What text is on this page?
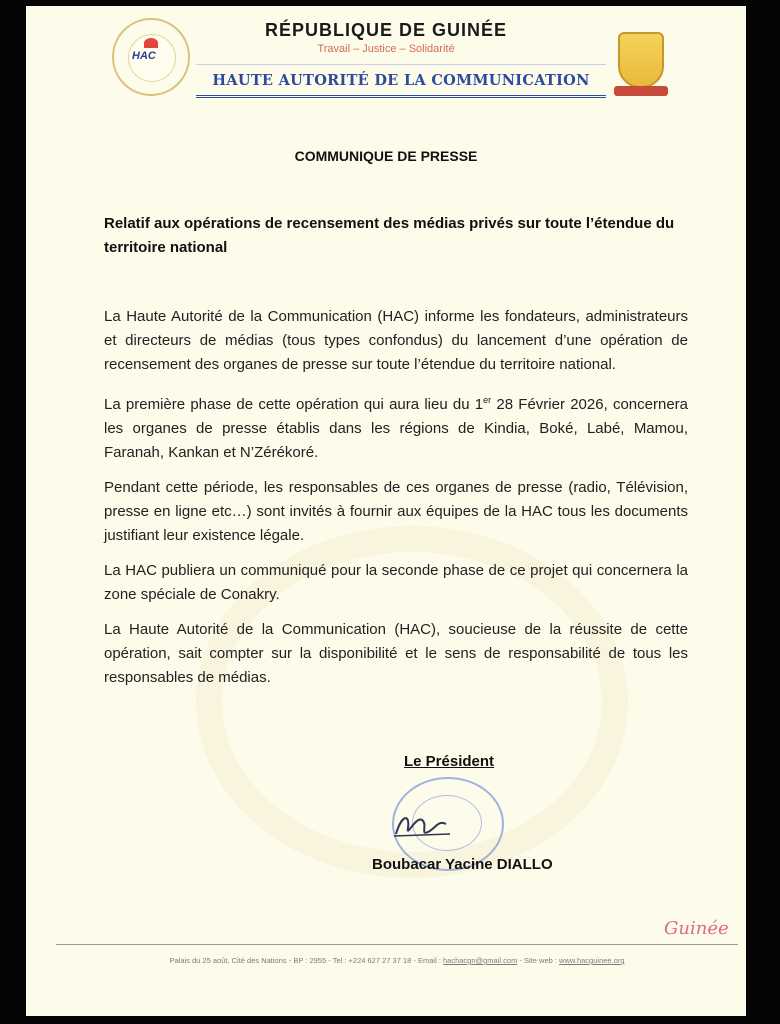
HAC
RÉPUBLIQUE DE GUINÉE
Travail – Justice – Solidarité
HAUTE AUTORITÉ DE LA COMMUNICATION
COMMUNIQUE DE PRESSE
Relatif aux opérations de recensement des médias privés sur toute l’étendue du territoire national

La Haute Autorité de la Communication (HAC) informe les fondateurs, administrateurs et directeurs de médias (tous types confondus) du lancement d’une opération de recensement des organes de presse sur toute l’étendue du territoire national.

La première phase de cette opération qui aura lieu du 1er 28 Février 2026, concernera les organes de presse établis dans les régions de Kindia, Boké, Labé, Mamou, Faranah, Kankan et N’Zérékoré.

Pendant cette période, les responsables de ces organes de presse (radio, Télévision, presse en ligne etc…) sont invités à fournir aux équipes de la HAC tous les documents justifiant leur existence légale.

La HAC publiera un communiqué pour la seconde phase de ce projet qui concernera la zone spéciale de Conakry.

La Haute Autorité de la Communication (HAC), soucieuse de la réussite de cette opération, sait compter sur la disponibilité et le sens de responsabilité de tous les responsables de médias.

Le Président
Boubacar Yacine DIALLO
Guinée
Palais du 25 août, Cité des Nations - BP : 2955 - Tel : +224 627 27 37 18 - Email : hachacgn@gmail.com - Site web : www.hacguinee.org
